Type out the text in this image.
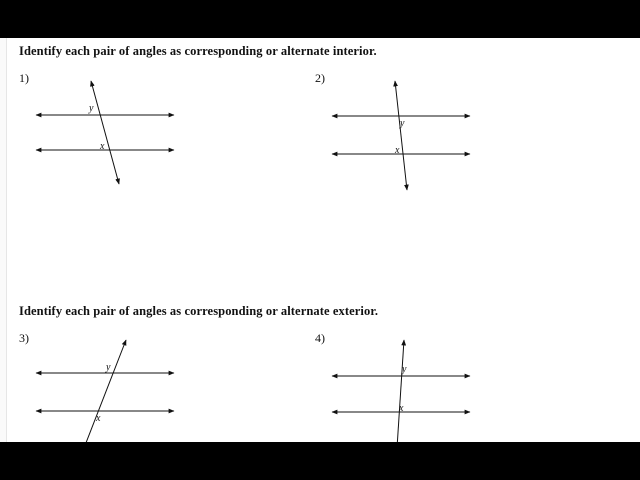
Identify each pair of angles as corresponding or alternate interior.
1)	2)
Identify each pair of angles as corresponding or alternate exterior.
3)	4)
y
x
y
x
y
x
y
x
